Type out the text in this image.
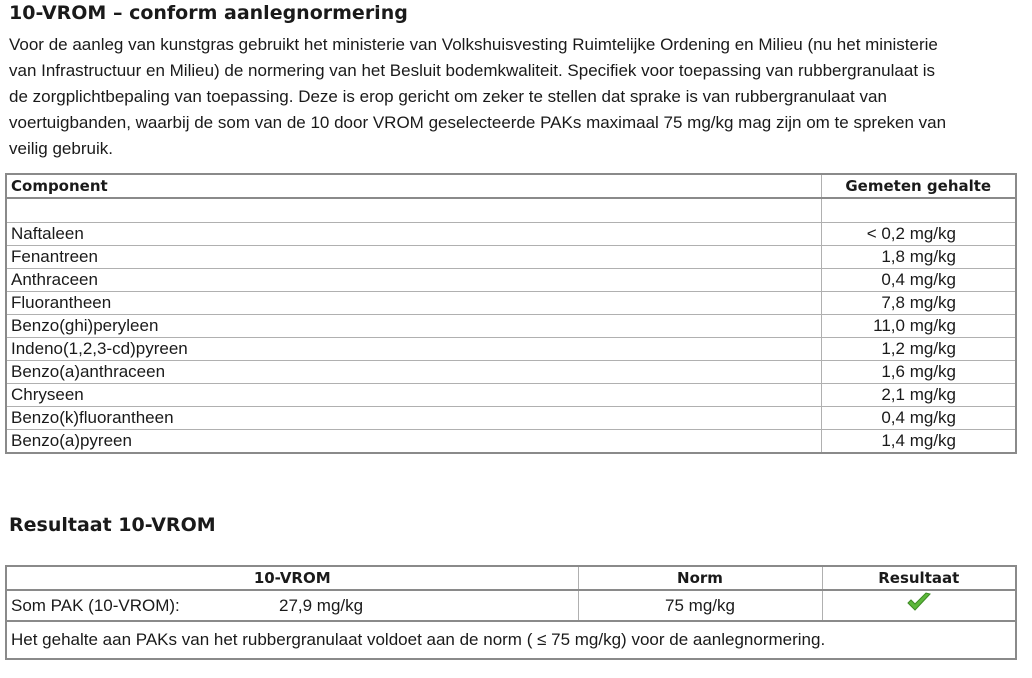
10-VROM – conform aanlegnormering
Voor de aanleg van kunstgras gebruikt het ministerie van Volkshuisvesting Ruimtelijke Ordening en Milieu (nu het ministerie
van Infrastructuur en Milieu) de normering van het Besluit bodemkwaliteit. Specifiek voor toepassing van rubbergranulaat is
de zorgplichtbepaling van toepassing. Deze is erop gericht om zeker te stellen dat sprake is van rubbergranulaat van
voertuigbanden, waarbij de som van de 10 door VROM geselecteerde PAKs maximaal 75 mg/kg mag zijn om te spreken van
veilig gebruik.
Component	Gemeten gehalte

Naftaleen	< 0,2 mg/kg
Fenantreen	1,8 mg/kg
Anthraceen	0,4 mg/kg
Fluorantheen	7,8 mg/kg
Benzo(ghi)peryleen	11,0 mg/kg
Indeno(1,2,3-cd)pyreen	1,2 mg/kg
Benzo(a)anthraceen	1,6 mg/kg
Chryseen	2,1 mg/kg
Benzo(k)fluorantheen	0,4 mg/kg
Benzo(a)pyreen	1,4 mg/kg
Resultaat 10-VROM
10-VROM	Norm	Resultaat
Som PAK (10-VROM): 27,9 mg/kg	75 mg/kg	
Het gehalte aan PAKs van het rubbergranulaat voldoet aan de norm ( ≤ 75 mg/kg) voor de aanlegnormering.		
